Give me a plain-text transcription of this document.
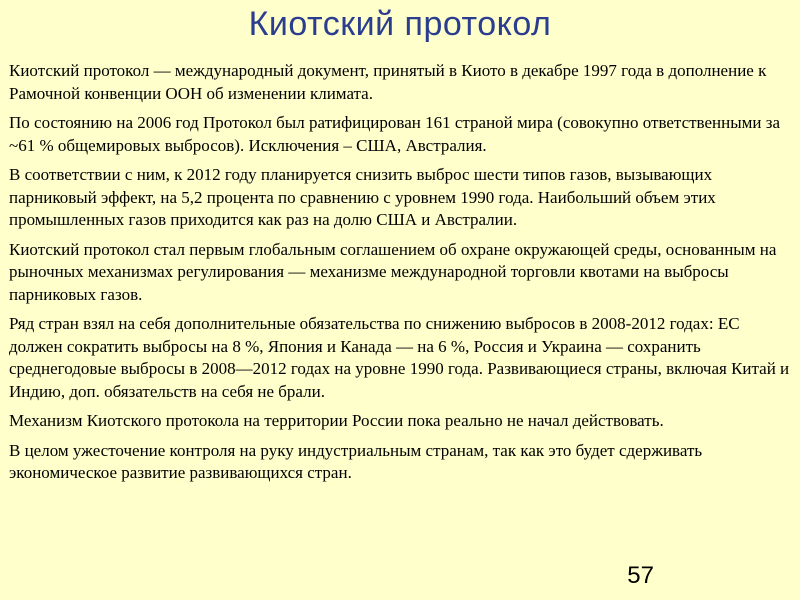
Киотский протокол

Киотский протокол — международный документ, принятый в Киото в декабре 1997 года в дополнение к Рамочной конвенции ООН об изменении климата.

По состоянию на 2006 год Протокол был ратифицирован 161 страной мира (совокупно ответственными за ~61 % общемировых выбросов). Исключения – США, Австралия.

В соответствии с ним, к 2012 году планируется снизить выброс шести типов газов, вызывающих парниковый эффект, на 5,2 процента по сравнению с уровнем 1990 года. Наибольший объем этих промышленных газов приходится как раз на долю США и Австралии.

Киотский протокол стал первым глобальным соглашением об охране окружающей среды, основанным на рыночных механизмах регулирования — механизме международной торговли квотами на выбросы парниковых газов.

Ряд стран взял на себя дополнительные обязательства по снижению выбросов в 2008-2012 годах: ЕС должен сократить выбросы на 8 %, Япония и Канада — на 6 %, Россия и Украина — сохранить среднегодовые выбросы в 2008—2012 годах на уровне 1990 года. Развивающиеся страны, включая Китай и Индию, доп. обязательств на себя не брали.

Механизм Киотского протокола на территории России пока реально не начал действовать.

В целом ужесточение контроля на руку индустриальным странам, так как это будет сдерживать экономическое развитие развивающихся стран.

57
